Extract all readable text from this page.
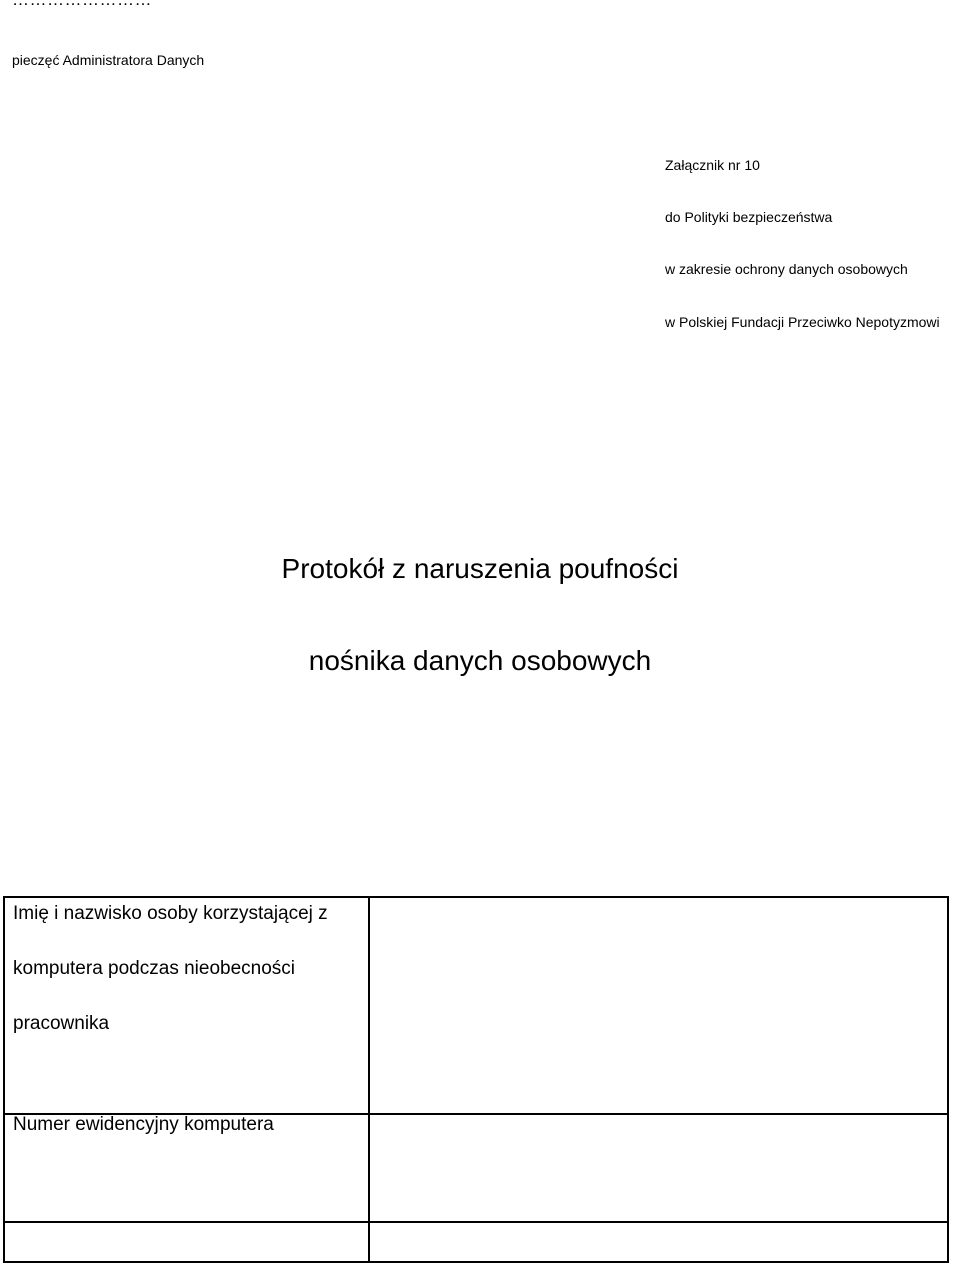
pieczęć Administratora Danych
Załącznik nr 10
do Polityki bezpieczeństwa
w zakresie ochrony danych osobowych
w Polskiej Fundacji Przeciwko Nepotyzmowi
Protokół z naruszenia poufności
nośnika danych osobowych
Imię i nazwisko osoby korzystającej z
komputera podczas nieobecności
pracownika	

Numer ewidencyjny komputera	
